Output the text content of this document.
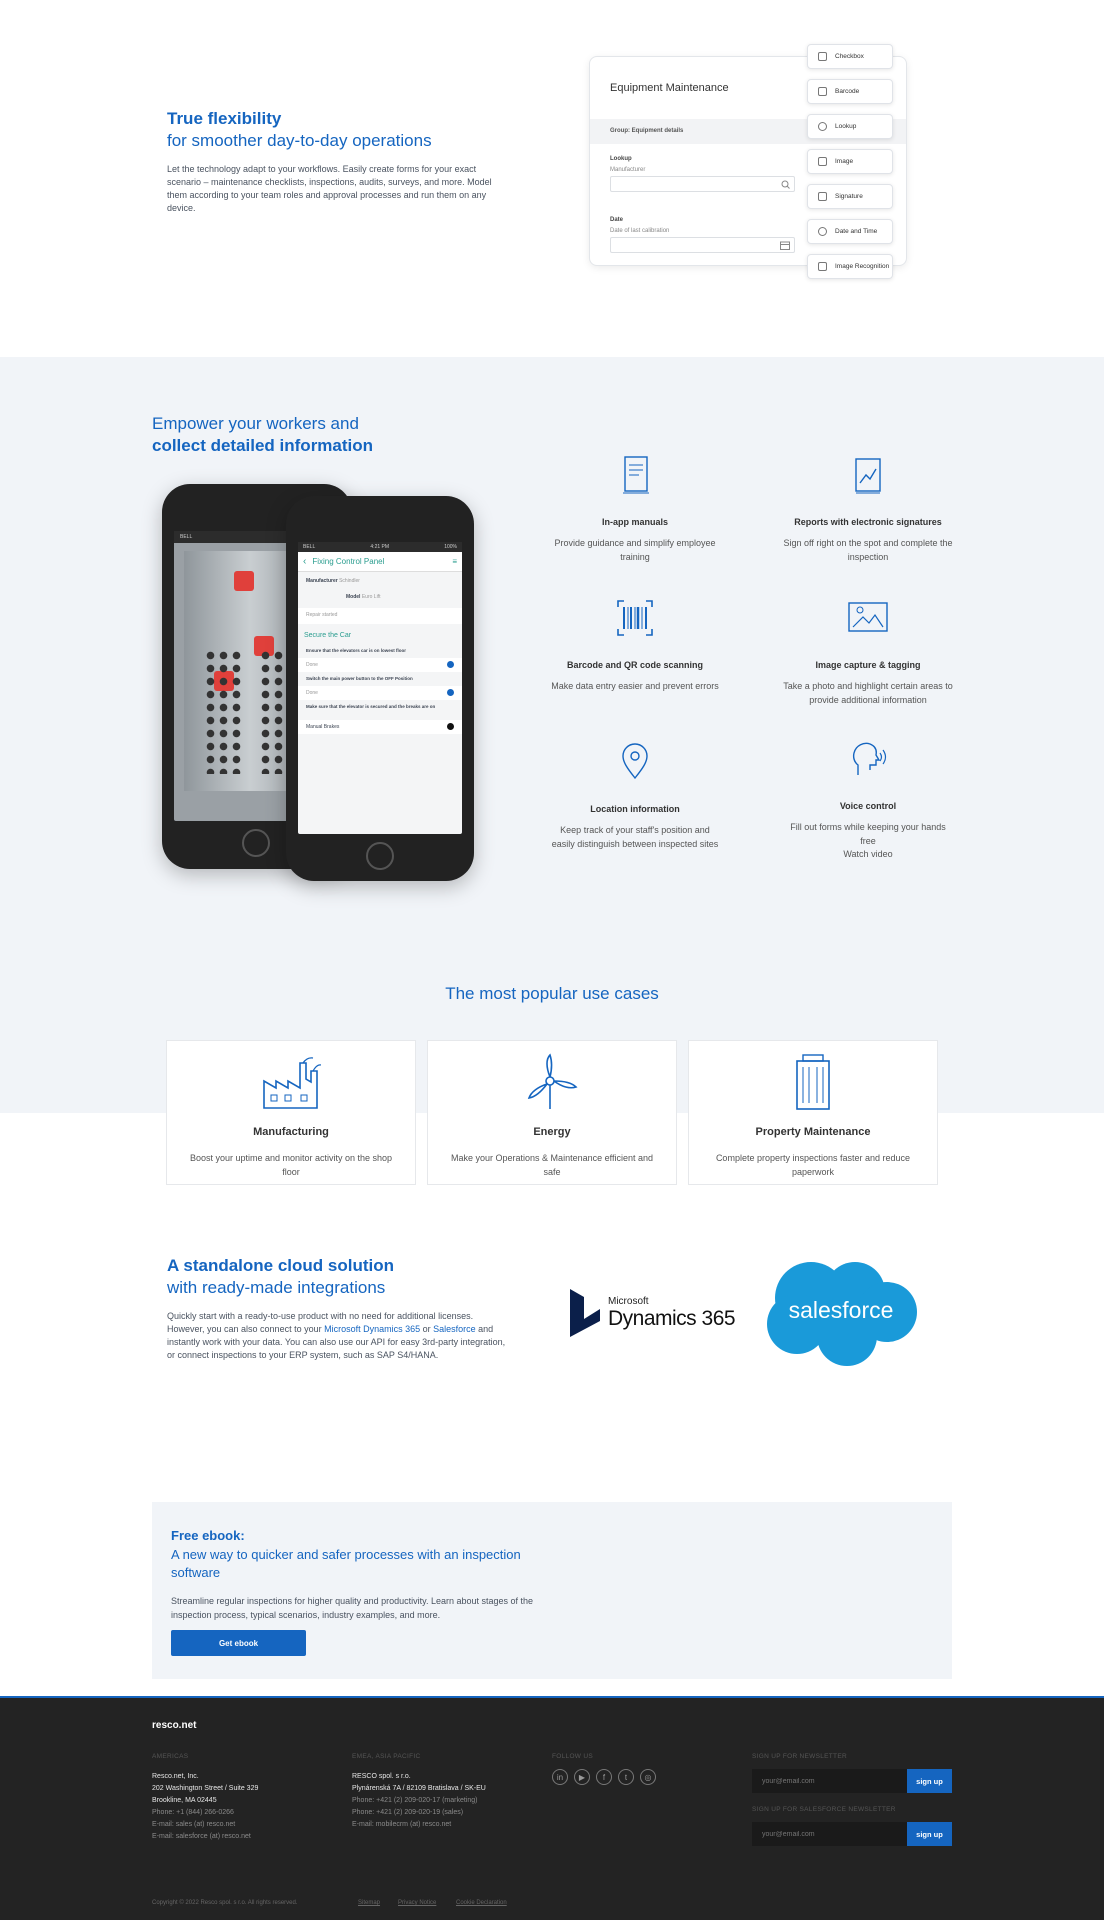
True flexibility
for smoother day-to-day operations
Let the technology adapt to your workflows. Easily create forms for your exact scenario – maintenance checklists, inspections, audits, surveys, and more. Model them according to your team roles and approval processes and run them on any device.
Equipment Maintenance
Group: Equipment details
Lookup
Manufacturer
Date
Date of last calibration
Checkbox
Barcode
Lookup
Image
Signature
Date and Time
Image Recognition
Empower your workers and
collect detailed information
BELL
BELL	4:21 PM	100%
‹ Fixing Control Panel	≡
Manufacturer Schindler
Model Euro Lift
Repair started
Secure the Car
Ensure that the elevators car is on lowest floor
Done
Switch the main power button to the OFF Position
Done
Make sure that the elevator is secured and the breaks are on
Manual Brakes
In-app manuals
Provide guidance and simplify employee training
Reports with electronic signatures
Sign off right on the spot and complete the inspection
Barcode and QR code scanning
Make data entry easier and prevent errors
Image capture & tagging
Take a photo and highlight certain areas to provide additional information
Location information
Keep track of your staff's position and easily distinguish between inspected sites
Voice control
Fill out forms while keeping your hands free
Watch video
The most popular use cases
Manufacturing
Boost your uptime and monitor activity on the shop floor
Energy
Make your Operations & Maintenance efficient and safe
Property Maintenance
Complete property inspections faster and reduce paperwork
A standalone cloud solution
with ready-made integrations
Quickly start with a ready-to-use product with no need for additional licenses. However, you can also connect to your Microsoft Dynamics 365 or Salesforce and instantly work with your data. You can also use our API for easy 3rd-party integration, or connect inspections to your ERP system, such as SAP S4/HANA.
Microsoft
Dynamics 365	salesforce
Free ebook:
A new way to quicker and safer processes with an inspection software
Streamline regular inspections for higher quality and productivity. Learn about stages of the inspection process, typical scenarios, industry examples, and more.
Get ebook
resco.net
AMERICAS
Resco.net, Inc.
202 Washington Street / Suite 329
Brookline, MA 02445
Phone: +1 (844) 266-0266
E-mail: sales (at) resco.net
E-mail: salesforce (at) resco.net
EMEA, ASIA PACIFIC
RESCO spol. s r.o.
Plynárenská 7A / 82109 Bratislava / SK-EU
Phone: +421 (2) 209-020-17 (marketing)
Phone: +421 (2) 209-020-19 (sales)
E-mail: mobilecrm (at) resco.net
FOLLOW US
in	▶	f	t	◎
SIGN UP FOR NEWSLETTER
your@email.com
sign up
SIGN UP FOR SALESFORCE NEWSLETTER
your@email.com
sign up
Copyright © 2022 Resco spol. s r.o. All rights reserved.	Sitemap	Privacy Notice	Cookie Declaration
